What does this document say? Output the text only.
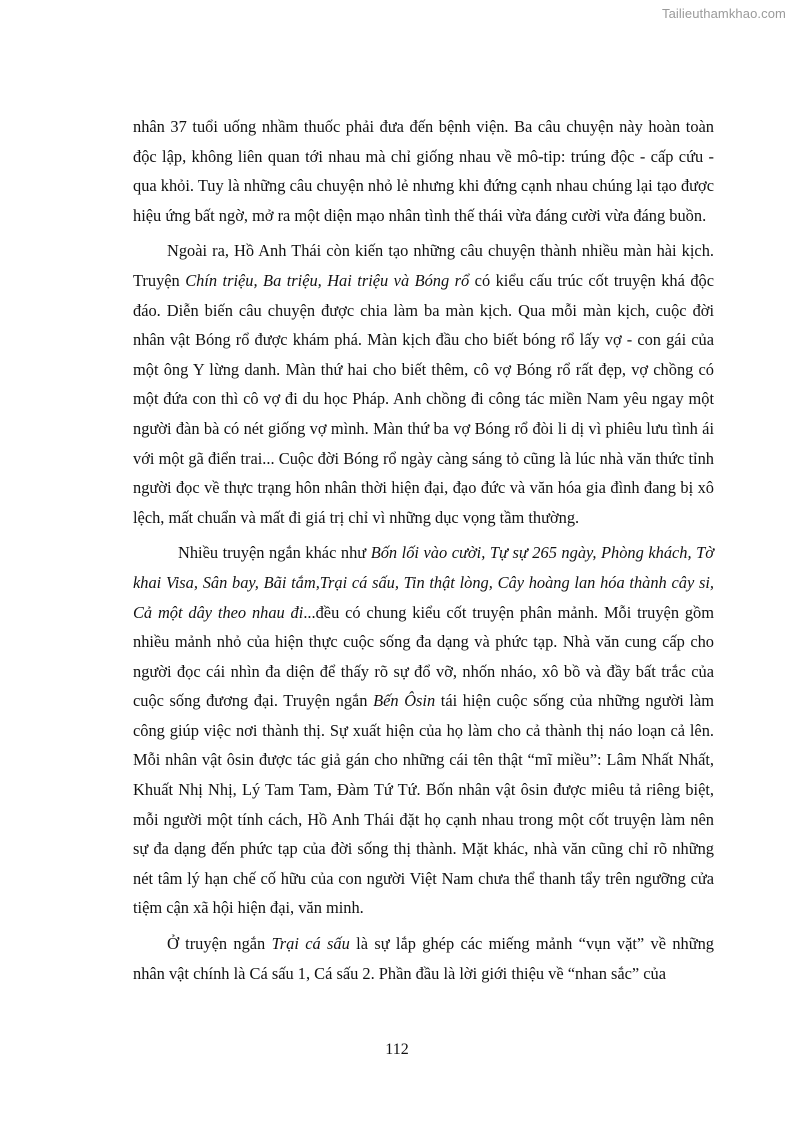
Tailieuthamkhao.com

nhân 37 tuổi uống nhầm thuốc phải đưa đến bệnh viện. Ba câu chuyện này hoàn toàn độc lập, không liên quan tới nhau mà chỉ giống nhau về mô-tip: trúng độc - cấp cứu - qua khỏi. Tuy là những câu chuyện nhỏ lẻ nhưng khi đứng cạnh nhau chúng lại tạo được hiệu ứng bất ngờ, mở ra một diện mạo nhân tình thế thái vừa đáng cười vừa đáng buồn.

Ngoài ra, Hồ Anh Thái còn kiến tạo những câu chuyện thành nhiều màn hài kịch. Truyện Chín triệu, Ba triệu, Hai triệu và Bóng rổ có kiểu cấu trúc cốt truyện khá độc đáo. Diễn biến câu chuyện được chia làm ba màn kịch. Qua mỗi màn kịch, cuộc đời nhân vật Bóng rổ được khám phá. Màn kịch đầu cho biết bóng rổ lấy vợ - con gái của một ông Y lừng danh. Màn thứ hai cho biết thêm, cô vợ Bóng rổ rất đẹp, vợ chồng có một đứa con thì cô vợ đi du học Pháp. Anh chồng đi công tác miền Nam yêu ngay một người đàn bà có nét giống vợ mình. Màn thứ ba vợ Bóng rổ đòi li dị vì phiêu lưu tình ái với một gã điển trai... Cuộc đời Bóng rổ ngày càng sáng tỏ cũng là lúc nhà văn thức tỉnh người đọc về thực trạng hôn nhân thời hiện đại, đạo đức và văn hóa gia đình đang bị xô lệch, mất chuẩn và mất đi giá trị chỉ vì những dục vọng tầm thường.

Nhiều truyện ngắn khác như Bốn lối vào cười, Tự sự 265 ngày, Phòng khách, Tờ khai Visa, Sân bay, Bãi tắm,Trại cá sấu, Tin thật lòng, Cây hoàng lan hóa thành cây si, Cả một dây theo nhau đi...đều có chung kiểu cốt truyện phân mảnh. Mỗi truyện gồm nhiều mảnh nhỏ của hiện thực cuộc sống đa dạng và phức tạp. Nhà văn cung cấp cho người đọc cái nhìn đa diện để thấy rõ sự đổ vỡ, nhốn nháo, xô bồ và đầy bất trắc của cuộc sống đương đại. Truyện ngắn Bến Ôsin tái hiện cuộc sống của những người làm công giúp việc nơi thành thị. Sự xuất hiện của họ làm cho cả thành thị náo loạn cả lên. Mỗi nhân vật ôsin được tác giả gán cho những cái tên thật “mĩ miều”: Lâm Nhất Nhất, Khuất Nhị Nhị, Lý Tam Tam, Đàm Tứ Tứ. Bốn nhân vật ôsin được miêu tả riêng biệt, mỗi người một tính cách, Hồ Anh Thái đặt họ cạnh nhau trong một cốt truyện làm nên sự đa dạng đến phức tạp của đời sống thị thành. Mặt khác, nhà văn cũng chỉ rõ những nét tâm lý hạn chế cố hữu của con người Việt Nam chưa thể thanh tẩy trên ngưỡng cửa tiệm cận xã hội hiện đại, văn minh.

Ở truyện ngắn Trại cá sấu là sự lắp ghép các miếng mảnh “vụn vặt” về những nhân vật chính là Cá sấu 1, Cá sấu 2. Phần đầu là lời giới thiệu về “nhan sắc” của

112
